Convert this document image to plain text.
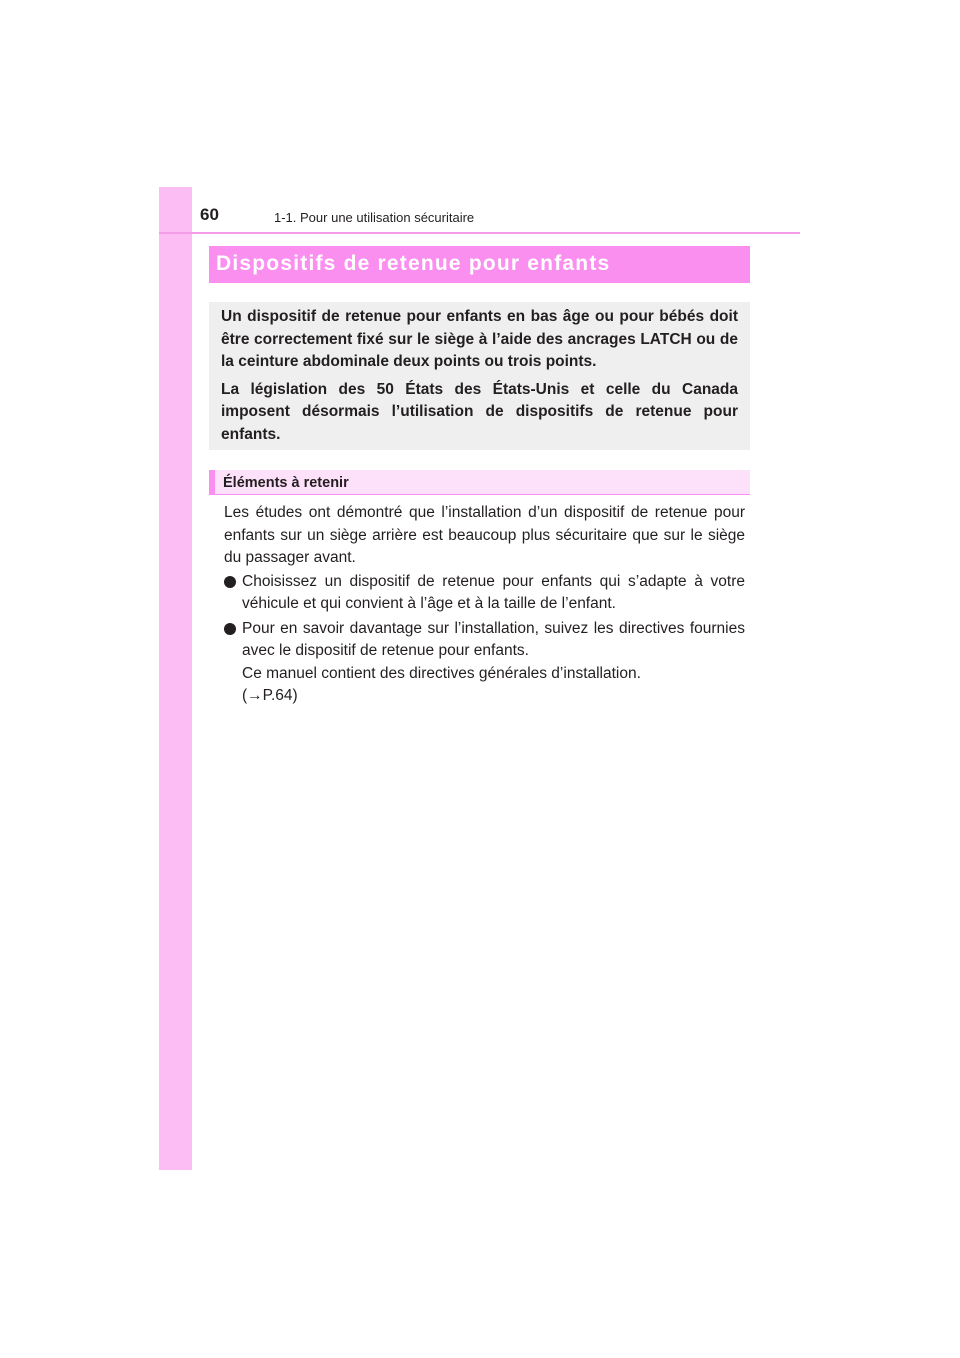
60	1-1. Pour une utilisation sécuritaire
Dispositifs de retenue pour enfants

Un dispositif de retenue pour enfants en bas âge ou pour bébés doit être correctement fixé sur le siège à l’aide des ancrages LATCH ou de la ceinture abdominale deux points ou trois points.

La législation des 50 États des États-Unis et celle du Canada imposent désormais l’utilisation de dispositifs de retenue pour enfants.

Éléments à retenir

Les études ont démontré que l’installation d’un dispositif de retenue pour enfants sur un siège arrière est beaucoup plus sécuritaire que sur le siège du passager avant.

Choisissez un dispositif de retenue pour enfants qui s’adapte à votre véhicule et qui convient à l’âge et à la taille de l’enfant.

Pour en savoir davantage sur l’installation, suivez les directives fournies avec le dispositif de retenue pour enfants.

Ce manuel contient des directives générales d’installation.

(→P.64)
